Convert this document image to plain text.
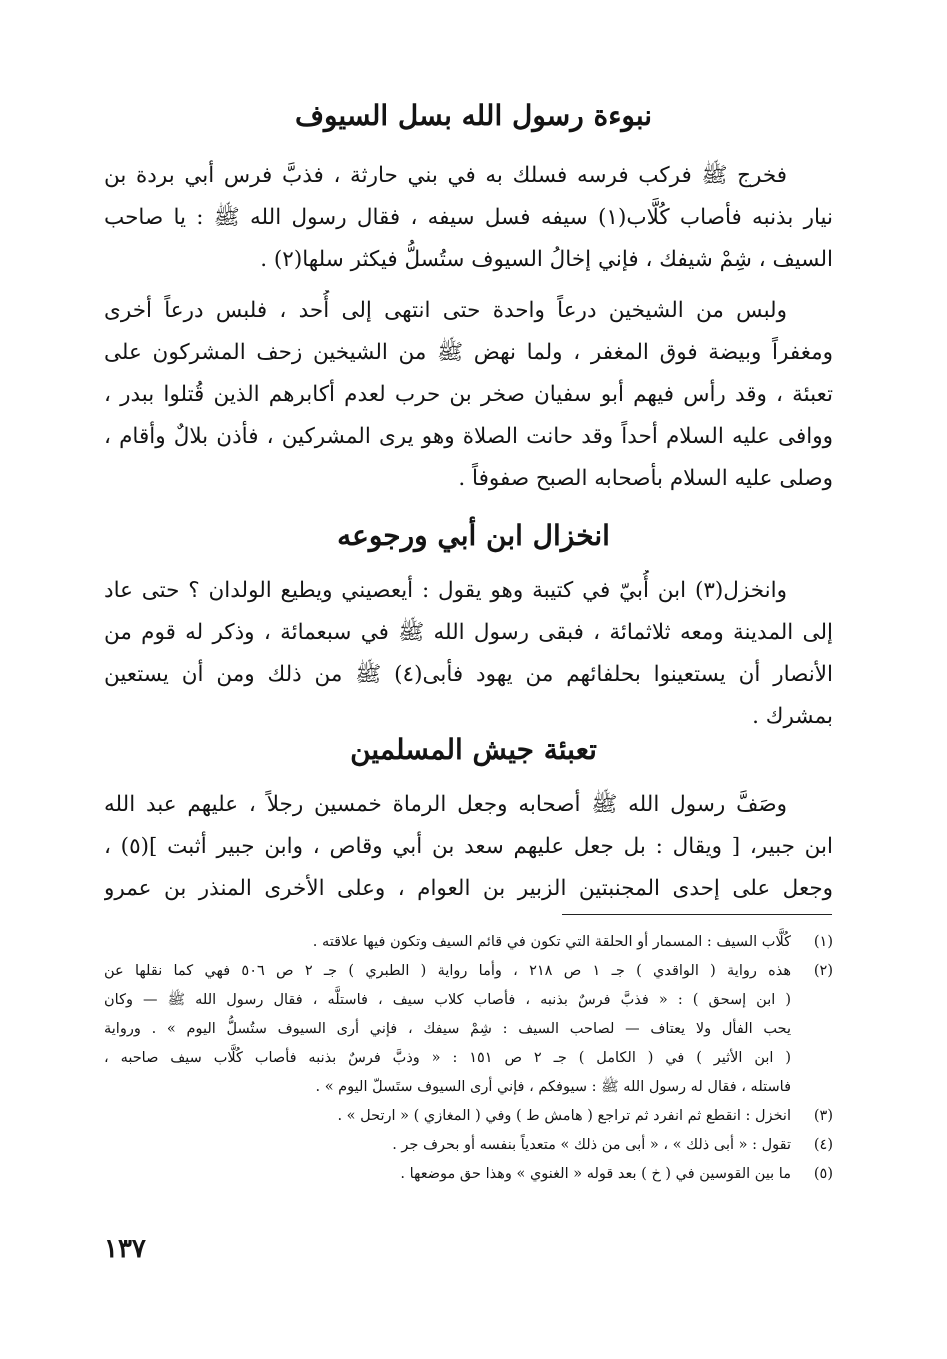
نبوءة رسول الله بسل السيوف
فخرج ﷺ فركب فرسه فسلك به في بني حارثة ، فذبَّ فرس أبي بردة بن
نيار بذنبه فأصاب كُلَّاب(١) سيفه فسل سيفه ، فقال رسول الله ﷺ : يا صاحب
السيف ، شِمْ شيفك ، فإني إخالُ السيوف ستُسلُّ فيكثر سلها(٢) .
ولبس من الشيخين درعاً واحدة حتى انتهى إلى أُحد ، فلبس درعاً أخرى
ومغفراً وبيضة فوق المغفر ، ولما نهض ﷺ من الشيخين زحف المشركون على
تعبئة ، وقد رأس فيهم أبو سفيان صخر بن حرب لعدم أكابرهم الذين قُتلوا ببدر ،
ووافى عليه السلام أحداً وقد حانت الصلاة وهو يرى المشركين ، فأذن بلالٌ وأقام ،
وصلى عليه السلام بأصحابه الصبح صفوفاً .
انخزال ابن أبي ورجوعه
وانخزل(٣) ابن أُبيّ في كتيبة وهو يقول : أيعصيني ويطيع الولدان ؟ حتى عاد
إلى المدينة ومعه ثلاثمائة ، فبقى رسول الله ﷺ في سبعمائة ، وذكر له قوم من
الأنصار أن يستعينوا بحلفائهم من يهود فأبى(٤) ﷺ من ذلك ومن أن يستعين
بمشرك .
تعبئة جيش المسلمين
وصَفَّ رسول الله ﷺ أصحابه وجعل الرماة خمسين رجلاً ، عليهم عبد الله
ابن جبير، [ ويقال : بل جعل عليهم سعد بن أبي وقاص ، وابن جبير أثبت ](٥) ،
وجعل على إحدى المجنبتين الزبير بن العوام ، وعلى الأخرى المنذر بن عمرو
(١)
كُلَّاب السيف : المسمار أو الحلقة التي تكون في قائم السيف وتكون فيها علاقته .
(٢)
هذه رواية ( الواقدي ) جـ ١ ص ٢١٨ ، وأما رواية ( الطبري ) جـ ٢ ص ٥٠٦ فهي كما نقلها عن
( ابن إسحق ) : « فذبَّ فرسٌ بذنبه ، فأصاب كلاب سيف ، فاستلَّه ، فقال رسول الله ﷺ — وكان
يحب الفأل ولا يعتاف — لصاحب السيف : شِمْ سيفك ، فإني أرى السيوف ستُسلُّ اليوم » . ورواية
( ابن الأثير ) في ( الكامل ) جـ ٢ ص ١٥١ : « وذبَّ فرسٌ بذنبه فأصاب كُلَّاب سيف صاحبه ،
فاستله ، فقال له رسول الله ﷺ : سيوفكم ، فإني أرى السيوف ستَسلّ اليوم » .
(٣)
انخزل : انقطع ثم انفرد ثم تراجع ( هامش ط ) وفي ( المغازي ) « ارتحل » .
(٤)
تقول : « أبى ذلك » ، « أبى من ذلك » متعدياً بنفسه أو بحرف جر .
(٥)
ما بين القوسين في ( خ ) بعد قوله « الغنوي » وهذا حق موضعها .
١٣٧
